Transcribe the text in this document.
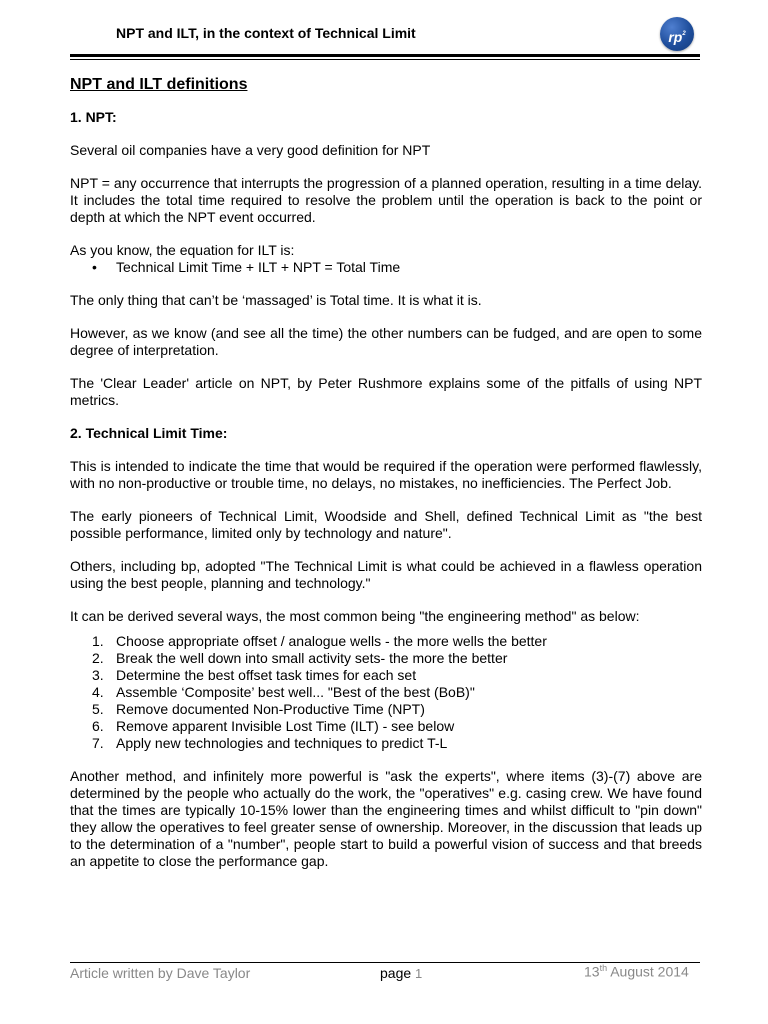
NPT and ILT, in the context of Technical Limit	$rp^2$
NPT and ILT definitions
1. NPT:

Several oil companies have a very good definition for NPT

NPT = any occurrence that interrupts the progression of a planned operation, resulting in a time delay. It includes the total time required to resolve the problem until the operation is back to the point or depth at which the NPT event occurred.

As you know, the equation for ILT is:

• Technical Limit Time + ILT + NPT = Total Time

The only thing that can’t be ‘massaged’ is Total time. It is what it is.

However, as we know (and see all the time) the other numbers can be fudged, and are open to some degree of interpretation.

The 'Clear Leader' article on NPT, by Peter Rushmore explains some of the pitfalls of using NPT metrics.

2. Technical Limit Time:

This is intended to indicate the time that would be required if the operation were performed flawlessly, with no non-productive or trouble time, no delays, no mistakes, no inefficiencies. The Perfect Job.

The early pioneers of Technical Limit, Woodside and Shell, defined Technical Limit as "the best possible performance, limited only by technology and nature".

Others, including bp, adopted "The Technical Limit is what could be achieved in a flawless operation using the best people, planning and technology."

It can be derived several ways, the most common being "the engineering method" as below:

1. Choose appropriate offset / analogue wells - the more wells the better
2. Break the well down into small activity sets- the more the better
3. Determine the best offset task times for each set
4. Assemble ‘Composite’ best well... "Best of the best (BoB)"
5. Remove documented Non-Productive Time (NPT)
6. Remove apparent Invisible Lost Time (ILT) - see below
7. Apply new technologies and techniques to predict T-L

Another method, and infinitely more powerful is "ask the experts", where items (3)-(7) above are determined by the people who actually do the work, the "operatives" e.g. casing crew. We have found that the times are typically 10-15% lower than the engineering times and whilst difficult to "pin down" they allow the operatives to feel greater sense of ownership. Moreover, in the discussion that leads up to the determination of a "number", people start to build a powerful vision of success and that breeds an appetite to close the performance gap.

Article written by Dave Taylor	page 1	13th August 2014
